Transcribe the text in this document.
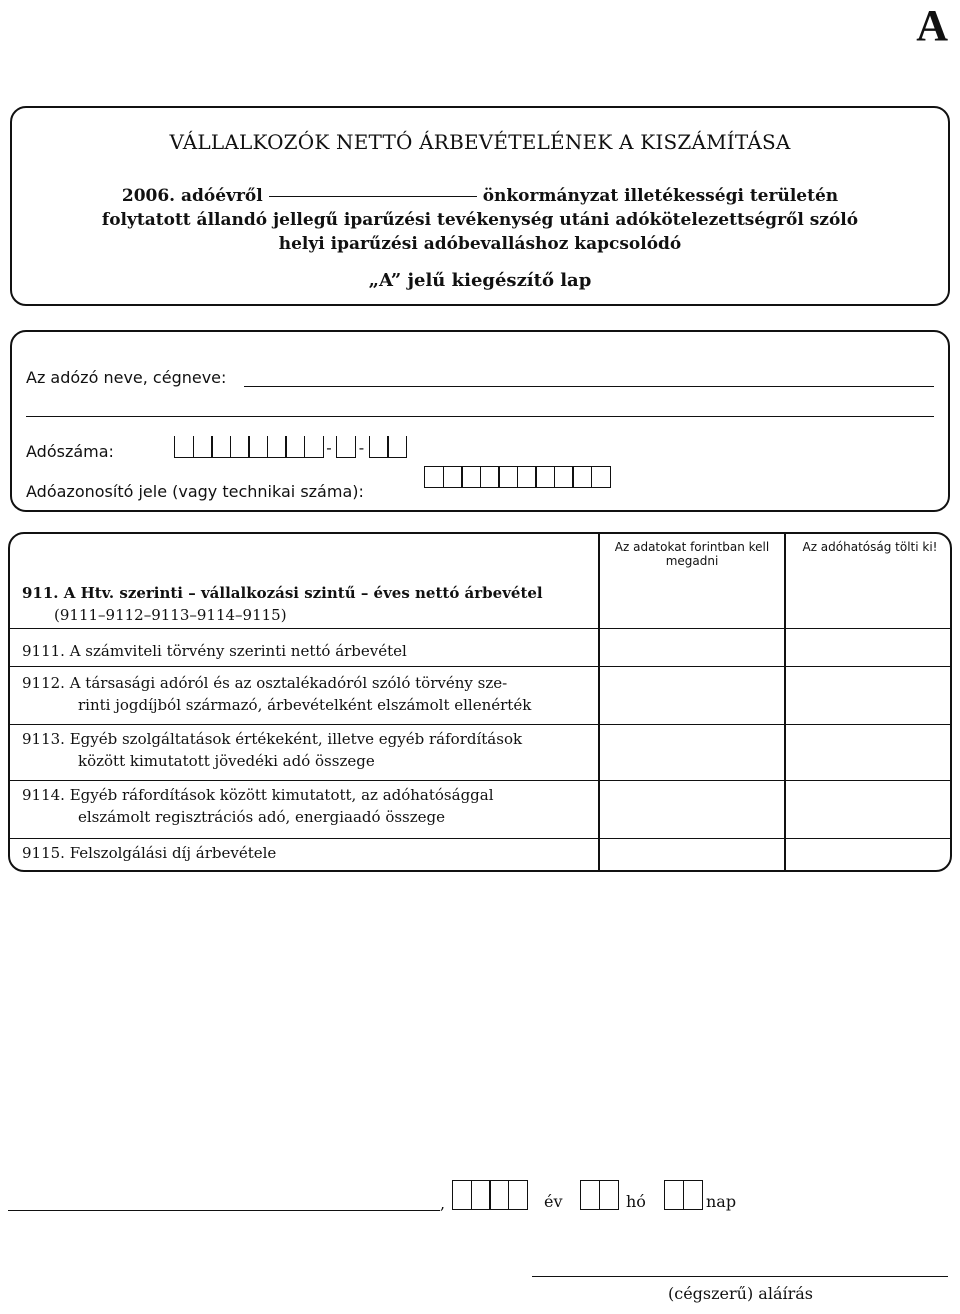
A
VÁLLALKOZÓK NETTÓ ÁRBEVÉTELÉNEK A KISZÁMÍTÁSA
2006. adóévről	önkormányzat illetékességi területén
folytatott állandó jellegű iparűzési tevékenység utáni adókötelezettségről szóló
helyi iparűzési adóbevalláshoz kapcsolódó
„A” jelű kiegészítő lap
Az adózó neve, cégneve:
Adószáma:	- -
Adóazonosító jele (vagy technikai száma):
Az adatokat forintban kell megadni
Az adóhatóság tölti ki!
911. A Htv. szerinti – vállalkozási szintű – éves nettó árbevétel
(9111–9112–9113–9114–9115)
9111. A számviteli törvény szerinti nettó árbevétel
9112. A társasági adóról és az osztalékadóról szóló törvény sze-
rinti jogdíjból származó, árbevételként elszámolt ellenérték
9113. Egyéb szolgáltatások értékeként, illetve egyéb ráfordítások
között kimutatott jövedéki adó összege
9114. Egyéb ráfordítások között kimutatott, az adóhatósággal
elszámolt regisztrációs adó, energiaadó összege
9115. Felszolgálási díj árbevétele
,	év	hó	nap
(cégszerű) aláírás
